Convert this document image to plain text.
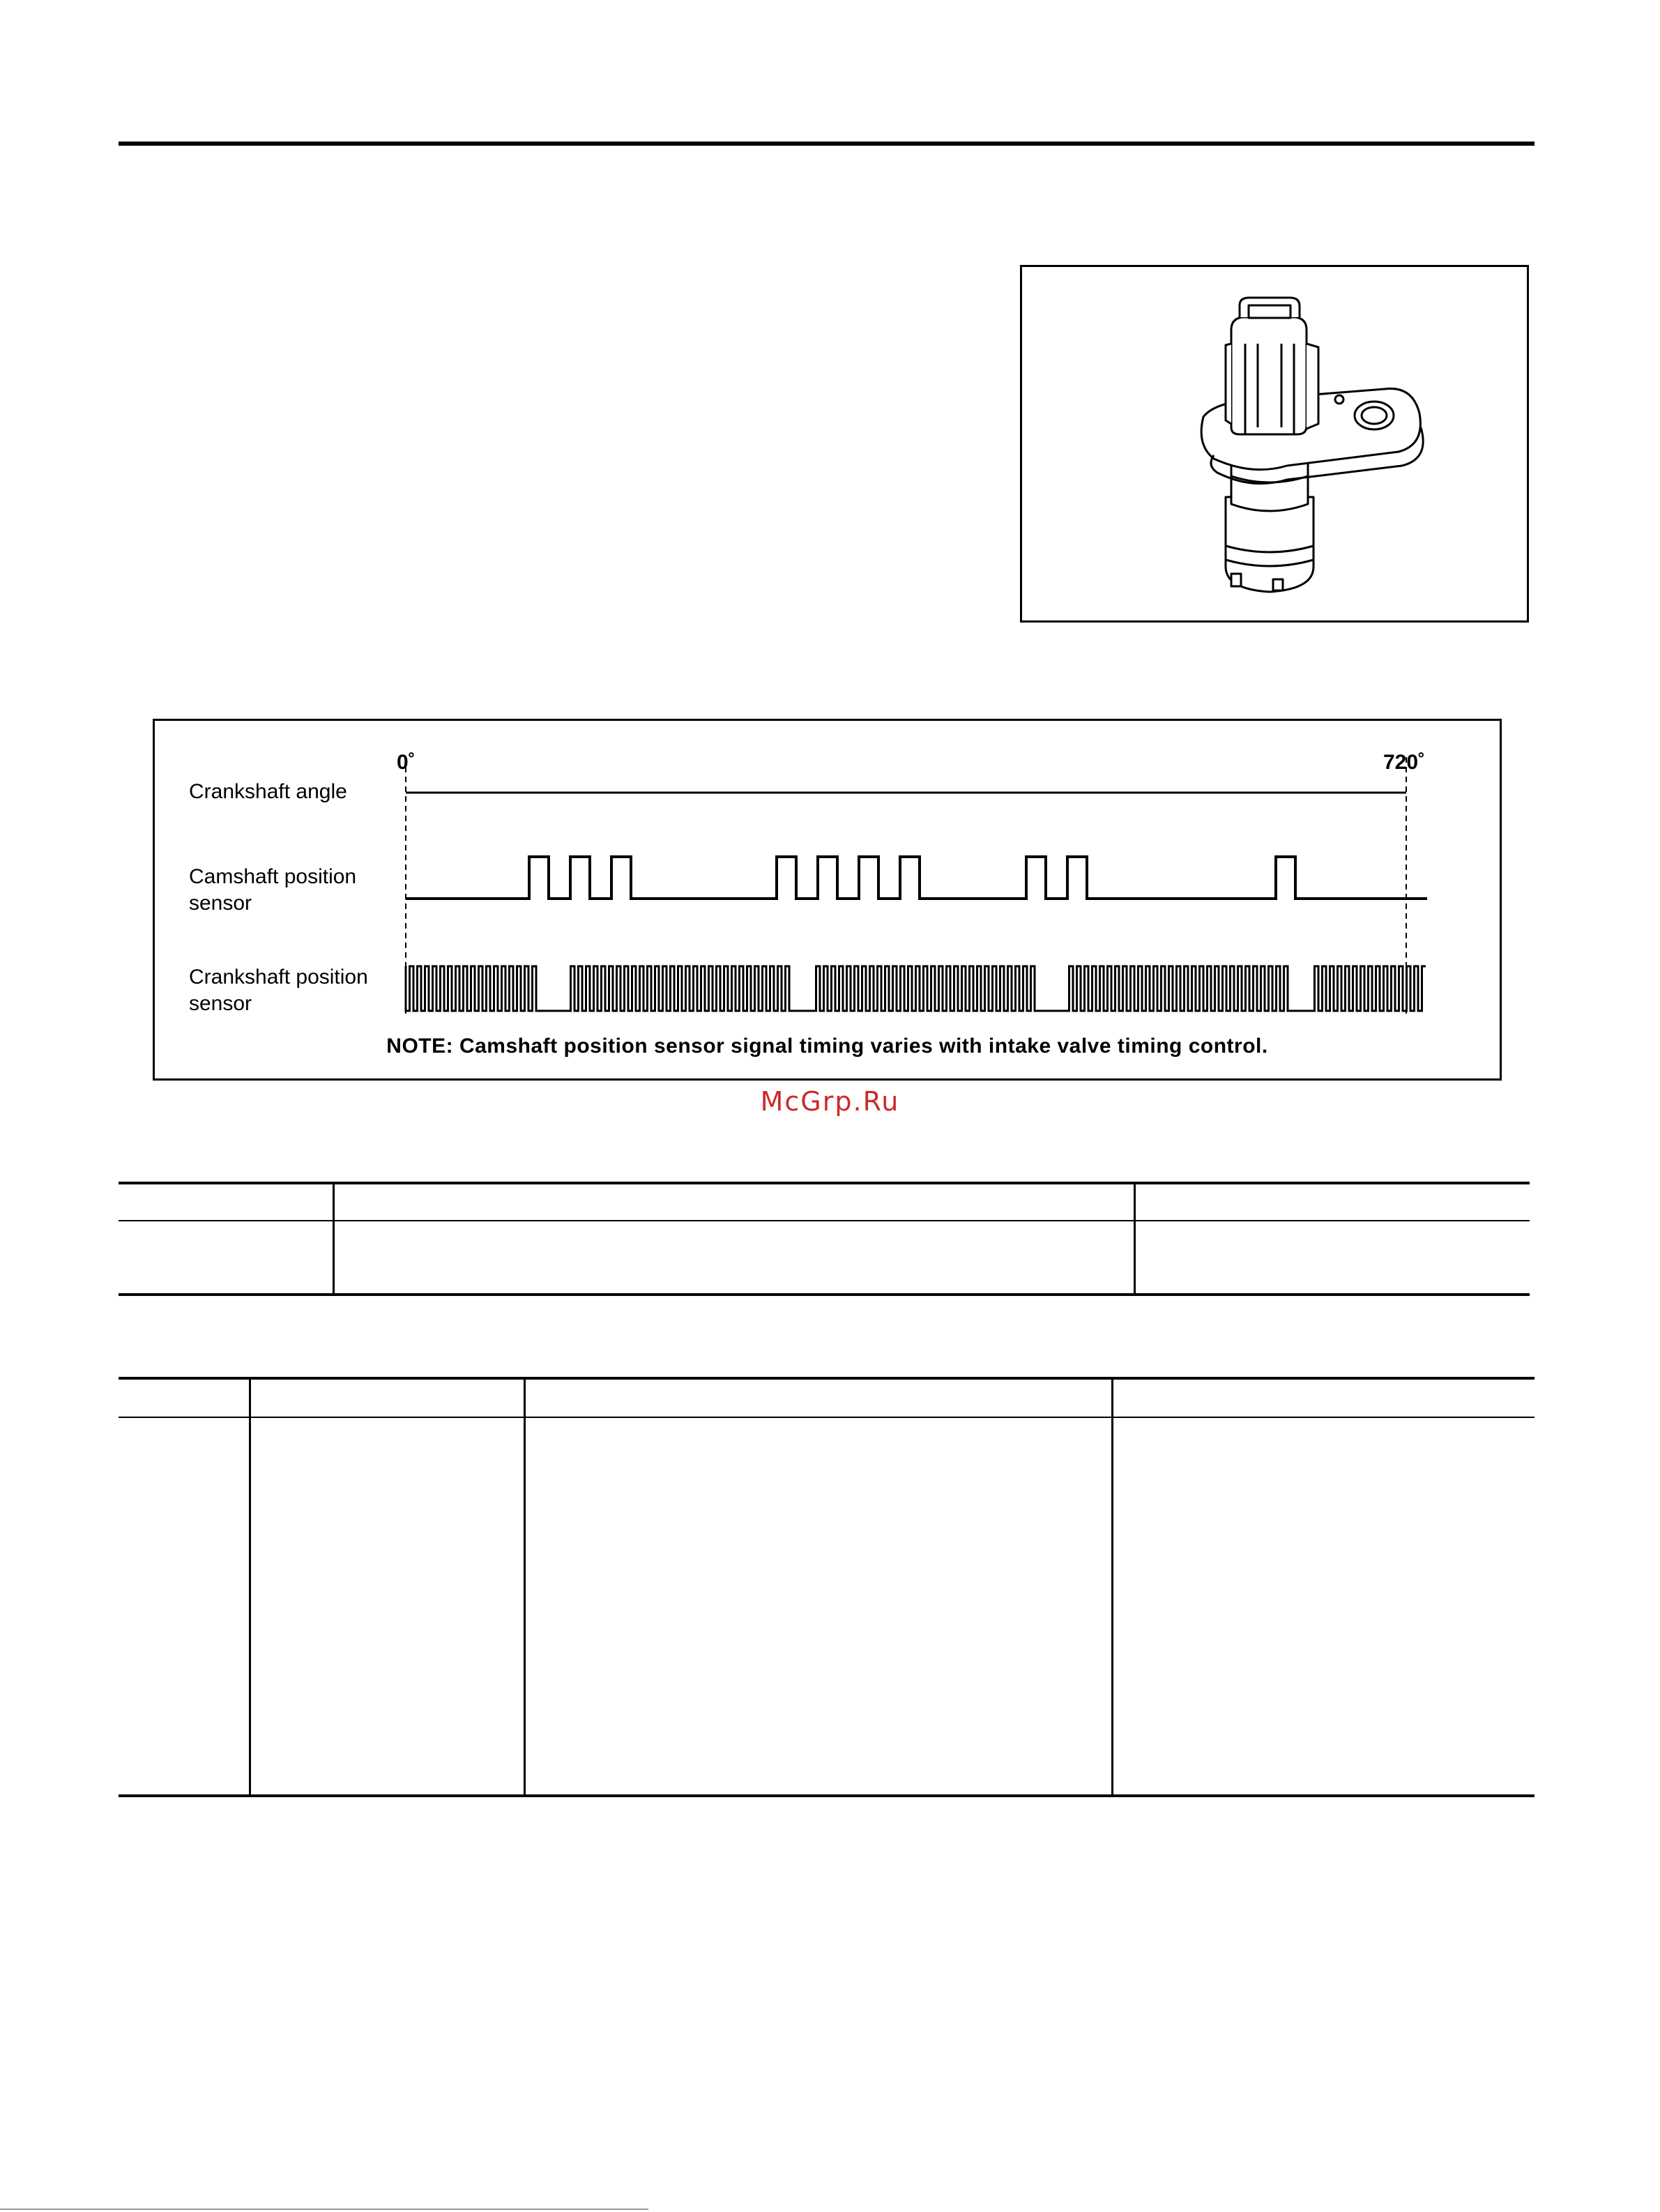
Crankshaft angle
Camshaft position
sensor
Crankshaft position
sensor
0˚	720˚
NOTE: Camshaft position sensor signal timing varies with intake valve timing control.
McGrp.Ru
